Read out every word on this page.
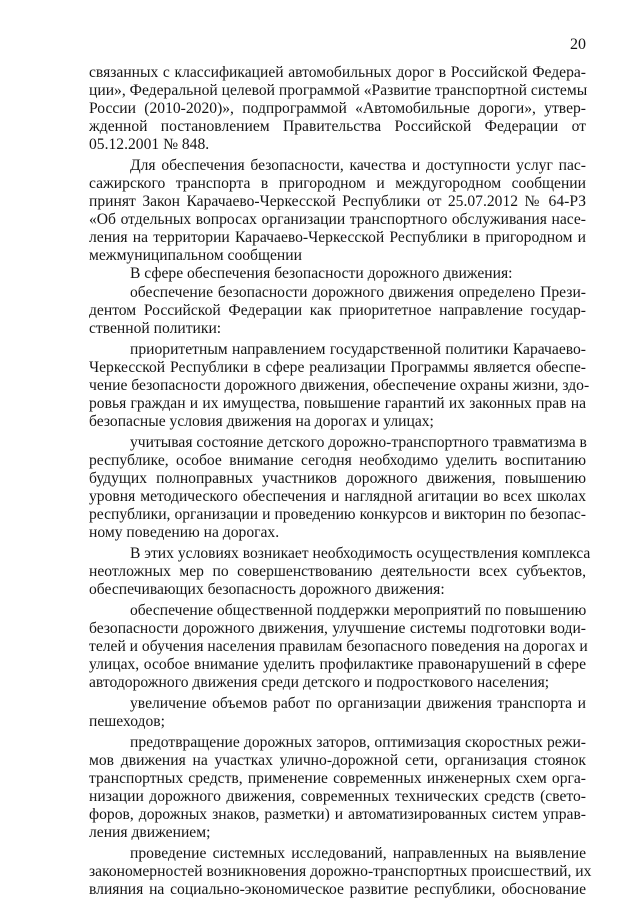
20
связанных с классификацией автомобильных дорог в Российской Федера-
ции», Федеральной целевой программой «Развитие транспортной системы
России (2010-2020)», подпрограммой «Автомобильные дороги», утвер-
жденной постановлением Правительства Российской Федерации от
05.12.2001 № 848.
Для обеспечения безопасности, качества и доступности услуг пас-
сажирского транспорта в пригородном и междугородном сообщении
принят Закон Карачаево-Черкесской Республики от 25.07.2012 № 64-РЗ
«Об отдельных вопросах организации транспортного обслуживания насе-
ления на территории Карачаево-Черкесской Республики в пригородном и
межмуниципальном сообщении
В сфере обеспечения безопасности дорожного движения:
обеспечение безопасности дорожного движения определено Прези-
дентом Российской Федерации как приоритетное направление государ-
ственной политики:
приоритетным направлением государственной политики Карачаево-
Черкесской Республики в сфере реализации Программы является обеспе-
чение безопасности дорожного движения, обеспечение охраны жизни, здо-
ровья граждан и их имущества, повышение гарантий их законных прав на
безопасные условия движения на дорогах и улицах;
учитывая состояние детского дорожно-транспортного травматизма в
республике, особое внимание сегодня необходимо уделить воспитанию
будущих полноправных участников дорожного движения, повышению
уровня методического обеспечения и наглядной агитации во всех школах
республики, организации и проведению конкурсов и викторин по безопас-
ному поведению на дорогах.
В этих условиях возникает необходимость осуществления комплекса
неотложных мер по совершенствованию деятельности всех субъектов,
обеспечивающих безопасность дорожного движения:
обеспечение общественной поддержки мероприятий по повышению
безопасности дорожного движения, улучшение системы подготовки води-
телей и обучения населения правилам безопасного поведения на дорогах и
улицах, особое внимание уделить профилактике правонарушений в сфере
автодорожного движения среди детского и подросткового населения;
увеличение объемов работ по организации движения транспорта и
пешеходов;
предотвращение дорожных заторов, оптимизация скоростных режи-
мов движения на участках улично-дорожной сети, организация стоянок
транспортных средств, применение современных инженерных схем орга-
низации дорожного движения, современных технических средств (свето-
форов, дорожных знаков, разметки) и автоматизированных систем управ-
ления движением;
проведение системных исследований, направленных на выявление
закономерностей возникновения дорожно-транспортных происшествий, их
влияния на социально-экономическое развитие республики, обоснование
